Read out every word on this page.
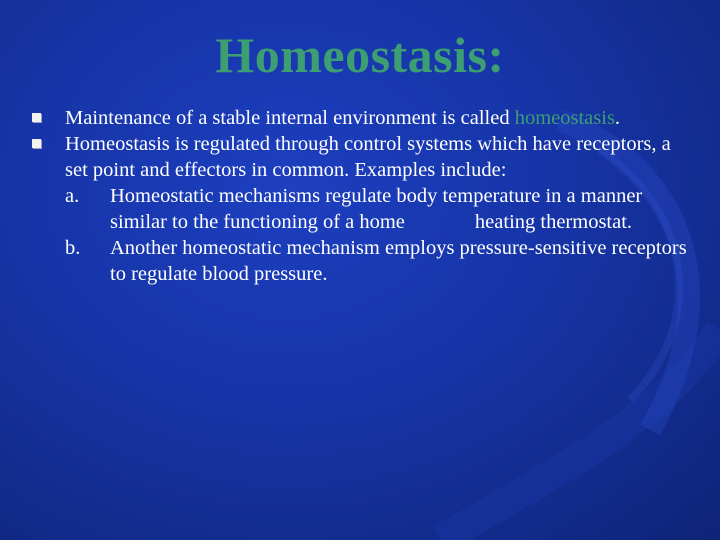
Homeostasis:
Maintenance of a stable internal environment is called homeostasis.
Homeostasis is regulated through control systems which have receptors, a set point and effectors in common. Examples include:
a. Homeostatic mechanisms regulate body temperature in a manner similar to the functioning of a home	heating thermostat.
b. Another homeostatic mechanism employs pressure-sensitive receptors to regulate blood pressure.
